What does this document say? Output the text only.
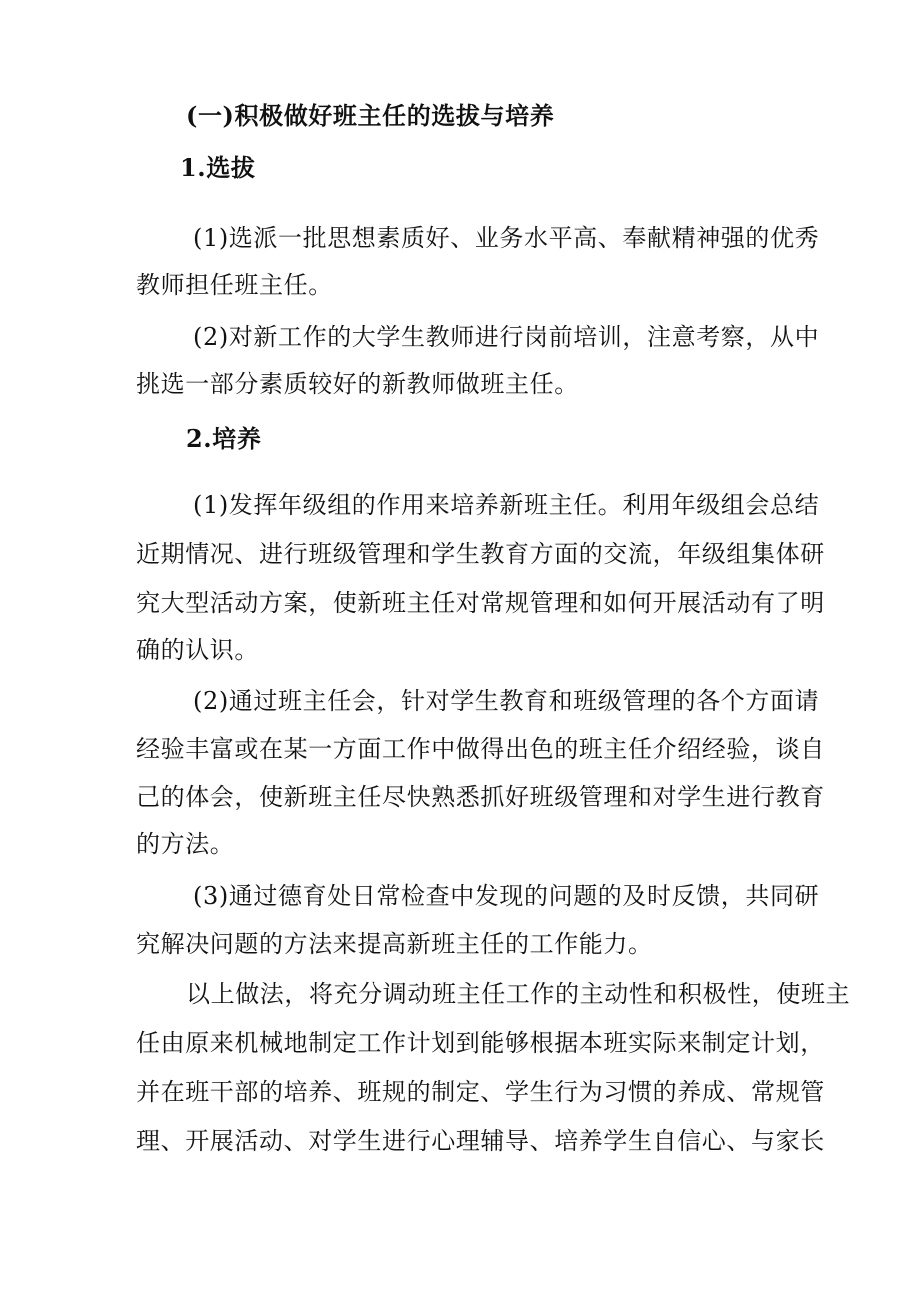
(一)积极做好班主任的选拔与培养
1.选拔
(1)选派一批思想素质好、业务水平高、奉献精神强的优秀
教师担任班主任。
(2)对新工作的大学生教师进行岗前培训，注意考察，从中
挑选一部分素质较好的新教师做班主任。
2.培养
(1)发挥年级组的作用来培养新班主任。利用年级组会总结
近期情况、进行班级管理和学生教育方面的交流，年级组集体研
究大型活动方案，使新班主任对常规管理和如何开展活动有了明
确的认识。
(2)通过班主任会，针对学生教育和班级管理的各个方面请
经验丰富或在某一方面工作中做得出色的班主任介绍经验，谈自
己的体会，使新班主任尽快熟悉抓好班级管理和对学生进行教育
的方法。
(3)通过德育处日常检查中发现的问题的及时反馈，共同研
究解决问题的方法来提高新班主任的工作能力。
以上做法，将充分调动班主任工作的主动性和积极性，使班主
任由原来机械地制定工作计划到能够根据本班实际来制定计划，
并在班干部的培养、班规的制定、学生行为习惯的养成、常规管
理、开展活动、对学生进行心理辅导、培养学生自信心、与家长
